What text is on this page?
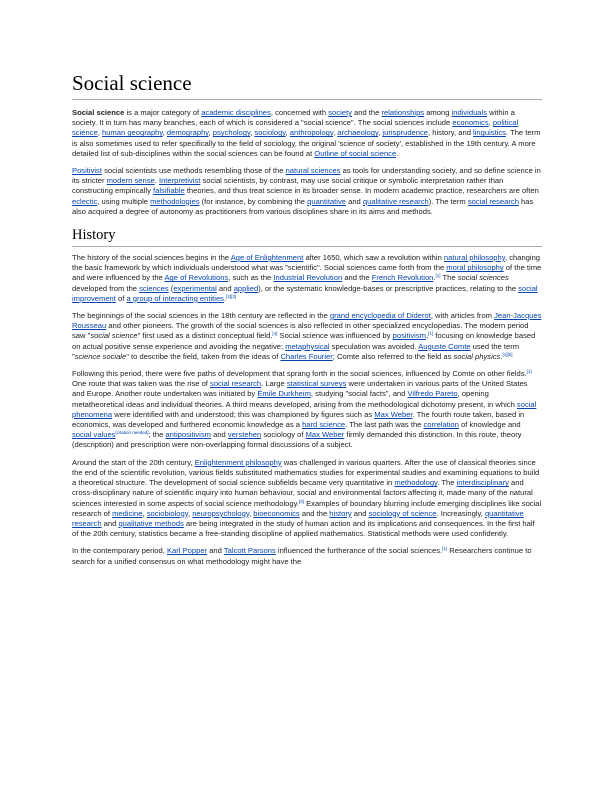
Social science

Social science is a major category of academic disciplines, concerned with society and the relationships among individuals within a society. It in turn has many branches, each of which is considered a "social science". The social sciences include economics, political science, human geography, demography, psychology, sociology, anthropology, archaeology, jurisprudence, history, and linguistics. The term is also sometimes used to refer specifically to the field of sociology, the original 'science of society', established in the 19th century. A more detailed list of sub-disciplines within the social sciences can be found at Outline of social science.

Positivist social scientists use methods resembling those of the natural sciences as tools for understanding society, and so define science in its stricter modern sense. Interpretivist social scientists, by contrast, may use social critique or symbolic interpretation rather than constructing empirically falsifiable theories, and thus treat science in its broader sense. In modern academic practice, researchers are often eclectic, using multiple methodologies (for instance, by combining the quantitative and qualitative research). The term social research has also acquired a degree of autonomy as practitioners from various disciplines share in its aims and methods.

History

The history of the social sciences begins in the Age of Enlightenment after 1650, which saw a revolution within natural philosophy, changing the basic framework by which individuals understood what was "scientific". Social sciences came forth from the moral philosophy of the time and were influenced by the Age of Revolutions, such as the Industrial Revolution and the French Revolution.[1] The social sciences developed from the sciences (experimental and applied), or the systematic knowledge-bases or prescriptive practices, relating to the social improvement of a group of interacting entities.[2][3]

The beginnings of the social sciences in the 18th century are reflected in the grand encyclopedia of Diderot, with articles from Jean-Jacques Rousseau and other pioneers. The growth of the social sciences is also reflected in other specialized encyclopedias. The modern period saw "social science" first used as a distinct conceptual field.[4] Social science was influenced by positivism,[1] focusing on knowledge based on actual positive sense experience and avoiding the negative; metaphysical speculation was avoided. Auguste Comte used the term "science sociale" to describe the field, taken from the ideas of Charles Fourier; Comte also referred to the field as social physics.[1][5]

Following this period, there were five paths of development that sprang forth in the social sciences, influenced by Comte on other fields.[1] One route that was taken was the rise of social research. Large statistical surveys were undertaken in various parts of the United States and Europe. Another route undertaken was initiated by Émile Durkheim, studying "social facts", and Vilfredo Pareto, opening metatheoretical ideas and individual theories. A third means developed, arising from the methodological dichotomy present, in which social phenomena were identified with and understood; this was championed by figures such as Max Weber. The fourth route taken, based in economics, was developed and furthered economic knowledge as a hard science. The last path was the correlation of knowledge and social values[citation needed]; the antipositivism and verstehen sociology of Max Weber firmly demanded this distinction. In this route, theory (description) and prescription were non-overlapping formal discussions of a subject.

Around the start of the 20th century, Enlightenment philosophy was challenged in various quarters. After the use of classical theories since the end of the scientific revolution, various fields substituted mathematics studies for experimental studies and examining equations to build a theoretical structure. The development of social science subfields became very quantitative in methodology. The interdisciplinary and cross-disciplinary nature of scientific inquiry into human behaviour, social and environmental factors affecting it, made many of the natural sciences interested in some aspects of social science methodology.[6] Examples of boundary blurring include emerging disciplines like social research of medicine, sociobiology, neuropsychology, bioeconomics and the history and sociology of science. Increasingly, quantitative research and qualitative methods are being integrated in the study of human action and its implications and consequences. In the first half of the 20th century, statistics became a free-standing discipline of applied mathematics. Statistical methods were used confidently.

In the contemporary period, Karl Popper and Talcott Parsons influenced the furtherance of the social sciences.[1] Researchers continue to search for a unified consensus on what methodology might have the
